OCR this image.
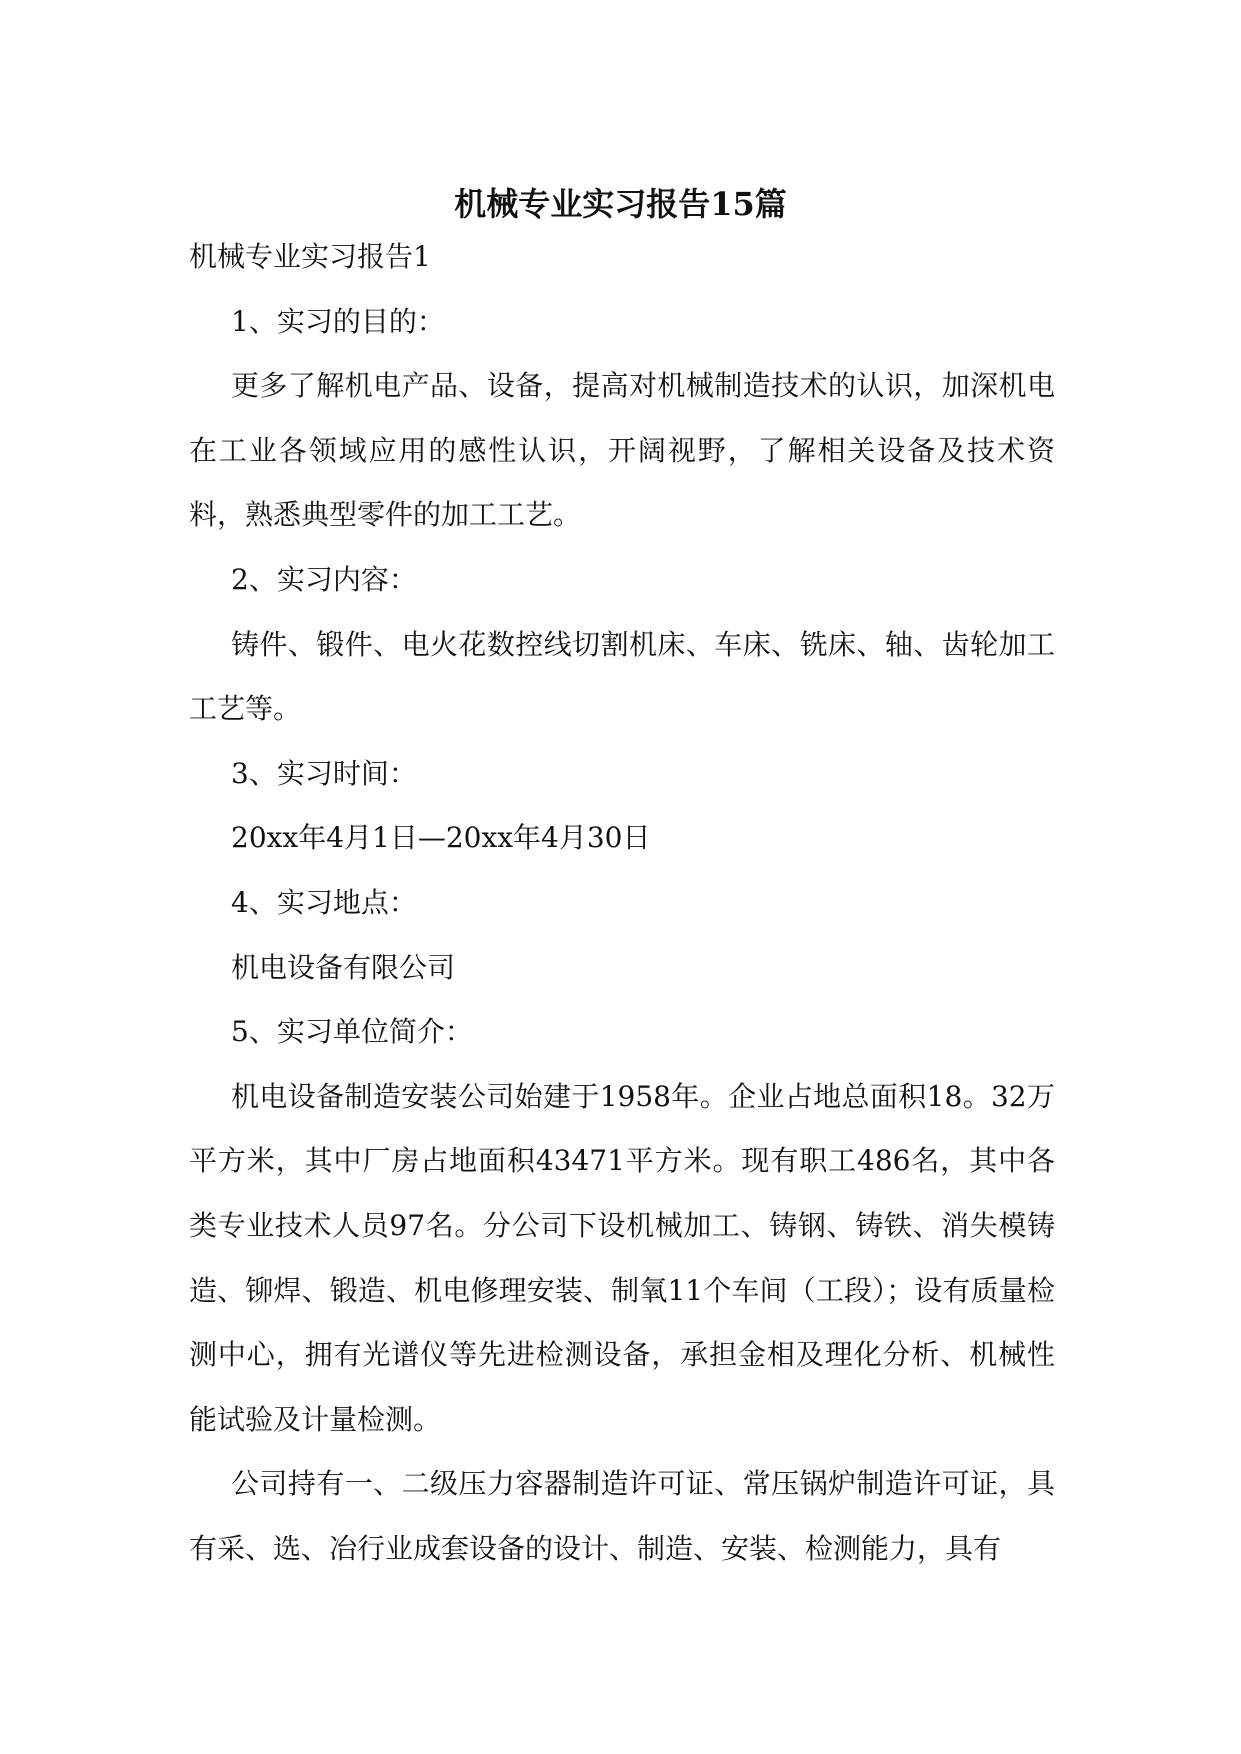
机械专业实习报告15篇

机械专业实习报告1

1、实习的目的：

更多了解机电产品、设备，提高对机械制造技术的认识，加深机电在工业各领域应用的感性认识，开阔视野，了解相关设备及技术资料，熟悉典型零件的加工工艺。

2、实习内容：

铸件、锻件、电火花数控线切割机床、车床、铣床、轴、齿轮加工工艺等。

3、实习时间：

20xx年4月1日—20xx年4月30日

4、实习地点：

机电设备有限公司

5、实习单位简介：

机电设备制造安装公司始建于1958年。企业占地总面积18。32万平方米，其中厂房占地面积43471平方米。现有职工486名，其中各类专业技术人员97名。分公司下设机械加工、铸钢、铸铁、消失模铸造、铆焊、锻造、机电修理安装、制氧11个车间（工段）；设有质量检测中心，拥有光谱仪等先进检测设备，承担金相及理化分析、机械性能试验及计量检测。

公司持有一、二级压力容器制造许可证、常压锅炉制造许可证，具有采、选、冶行业成套设备的设计、制造、安装、检测能力，具有
